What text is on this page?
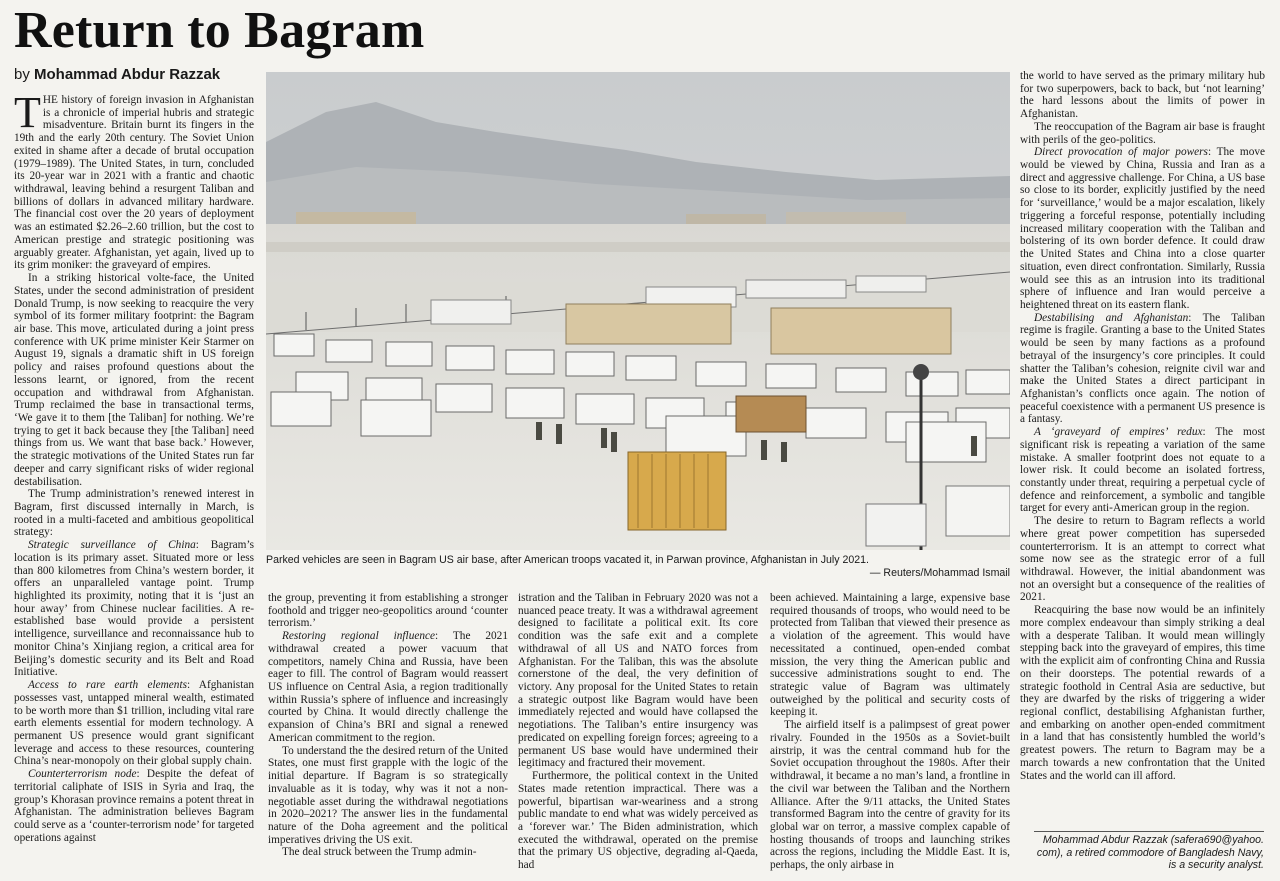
Return to Bagram
by Mohammad Abdur Razzak

THE history of foreign invasion in Afghanistan is a chronicle of imperial hubris and strategic misadventure. Britain burnt its fingers in the 19th and the early 20th century. The Soviet Union exited in shame after a decade of brutal occupation (1979–1989). The United States, in turn, concluded its 20-year war in 2021 with a frantic and chaotic withdrawal, leaving behind a resurgent Taliban and billions of dollars in advanced military hardware. The financial cost over the 20 years of deployment was an estimated $2.26–2.60 trillion, but the cost to American prestige and strategic positioning was arguably greater. Afghanistan, yet again, lived up to its grim moniker: the graveyard of empires.

In a striking historical volte-face, the United States, under the second administration of president Donald Trump, is now seeking to reacquire the very symbol of its former military footprint: the Bagram air base. This move, articulated during a joint press conference with UK prime minister Keir Starmer on August 19, signals a dramatic shift in US foreign policy and raises profound questions about the lessons learnt, or ignored, from the recent occupation and withdrawal from Afghanistan. Trump reclaimed the base in transactional terms, ‘We gave it to them [the Taliban] for nothing. We’re trying to get it back because they [the Taliban] need things from us. We want that base back.’ However, the strategic motivations of the United States run far deeper and carry significant risks of wider regional destabilisation.

The Trump administration’s renewed interest in Bagram, first discussed internally in March, is rooted in a multi-faceted and ambitious geopolitical strategy:

Strategic surveillance of China: Bagram’s location is its primary asset. Situated more or less than 800 kilometres from China’s western border, it offers an unparalleled vantage point. Trump highlighted its proximity, noting that it is ‘just an hour away’ from Chinese nuclear facilities. A re-established base would provide a persistent intelligence, surveillance and reconnaissance hub to monitor China’s Xinjiang region, a critical area for Beijing’s domestic security and its Belt and Road Initiative.

Access to rare earth elements: Afghanistan possesses vast, untapped mineral wealth, estimated to be worth more than $1 trillion, including vital rare earth elements essential for modern technology. A permanent US presence would grant significant leverage and access to these resources, countering China’s near-monopoly on their global supply chain.

Counterterrorism node: Despite the defeat of territorial caliphate of ISIS in Syria and Iraq, the group’s Khorasan province remains a potent threat in Afghanistan. The administration believes Bagram could serve as a ‘counter-terrorism node’ for targeted operations against

Parked vehicles are seen in Bagram US air base, after American troops vacated it, in Parwan province, Afghanistan in July 2021.
— Reuters/Mohammad Ismail

the group, preventing it from establishing a stronger foothold and trigger neo-geopolitics around ‘counter terrorism.’

Restoring regional influence: The 2021 withdrawal created a power vacuum that competitors, namely China and Russia, have been eager to fill. The control of Bagram would reassert US influence on Central Asia, a region traditionally within Russia’s sphere of influence and increasingly courted by China. It would directly challenge the expansion of China’s BRI and signal a renewed American commitment to the region.

To understand the the desired return of the United States, one must first grapple with the logic of the initial departure. If Bagram is so strategically invaluable as it is today, why was it not a non-negotiable asset during the withdrawal negotiations in 2020–2021? The answer lies in the fundamental nature of the Doha agreement and the political imperatives driving the US exit.

The deal struck between the Trump admin-

istration and the Taliban in February 2020 was not a nuanced peace treaty. It was a withdrawal agreement designed to facilitate a political exit. Its core condition was the safe exit and a complete withdrawal of all US and NATO forces from Afghanistan. For the Taliban, this was the absolute cornerstone of the deal, the very definition of victory. Any proposal for the United States to retain a strategic outpost like Bagram would have been immediately rejected and would have collapsed the negotiations. The Taliban’s entire insurgency was predicated on expelling foreign forces; agreeing to a permanent US base would have undermined their legitimacy and fractured their movement.

Furthermore, the political context in the United States made retention impractical. There was a powerful, bipartisan war-weariness and a strong public mandate to end what was widely perceived as a ‘forever war.’ The Biden administration, which executed the withdrawal, operated on the premise that the primary US objective, degrading al-Qaeda, had

been achieved. Maintaining a large, expensive base required thousands of troops, who would need to be protected from Taliban that viewed their presence as a violation of the agreement. This would have necessitated a continued, open-ended combat mission, the very thing the American public and successive administrations sought to end. The strategic value of Bagram was ultimately outweighed by the political and security costs of keeping it.

The airfield itself is a palimpsest of great power rivalry. Founded in the 1950s as a Soviet-built airstrip, it was the central command hub for the Soviet occupation throughout the 1980s. After their withdrawal, it became a no man’s land, a frontline in the civil war between the Taliban and the Northern Alliance. After the 9/11 attacks, the United States transformed Bagram into the centre of gravity for its global war on terror, a massive complex capable of hosting thousands of troops and launching strikes across the regions, including the Middle East. It is, perhaps, the only airbase in

the world to have served as the primary military hub for two superpowers, back to back, but ‘not learning’ the hard lessons about the limits of power in Afghanistan.

The reoccupation of the Bagram air base is fraught with perils of the geo-politics.

Direct provocation of major powers: The move would be viewed by China, Russia and Iran as a direct and aggressive challenge. For China, a US base so close to its border, explicitly justified by the need for ‘surveillance,’ would be a major escalation, likely triggering a forceful response, potentially including increased military cooperation with the Taliban and bolstering of its own border defence. It could draw the United States and China into a close quarter situation, even direct confrontation. Similarly, Russia would see this as an intrusion into its traditional sphere of influence and Iran would perceive a heightened threat on its eastern flank.

Destabilising and Afghanistan: The Taliban regime is fragile. Granting a base to the United States would be seen by many factions as a profound betrayal of the insurgency’s core principles. It could shatter the Taliban’s cohesion, reignite civil war and make the United States a direct participant in Afghanistan’s conflicts once again. The notion of peaceful coexistence with a permanent US presence is a fantasy.

A ‘graveyard of empires’ redux: The most significant risk is repeating a variation of the same mistake. A smaller footprint does not equate to a lower risk. It could become an isolated fortress, constantly under threat, requiring a perpetual cycle of defence and reinforcement, a symbolic and tangible target for every anti-American group in the region.

The desire to return to Bagram reflects a world where great power competition has superseded counterterrorism. It is an attempt to correct what some now see as the strategic error of a full withdrawal. However, the initial abandonment was not an oversight but a consequence of the realities of 2021.

Reacquiring the base now would be an infinitely more complex endeavour than simply striking a deal with a desperate Taliban. It would mean willingly stepping back into the graveyard of empires, this time with the explicit aim of confronting China and Russia on their doorsteps. The potential rewards of a strategic foothold in Central Asia are seductive, but they are dwarfed by the risks of triggering a wider regional conflict, destabilising Afghanistan further, and embarking on another open-ended commitment in a land that has consistently humbled the world’s greatest powers. The return to Bagram may be a march towards a new confrontation that the United States and the world can ill afford.

Mohammad Abdur Razzak (safera690@yahoo.
com), a retired commodore of Bangladesh Navy,
is a security analyst.
